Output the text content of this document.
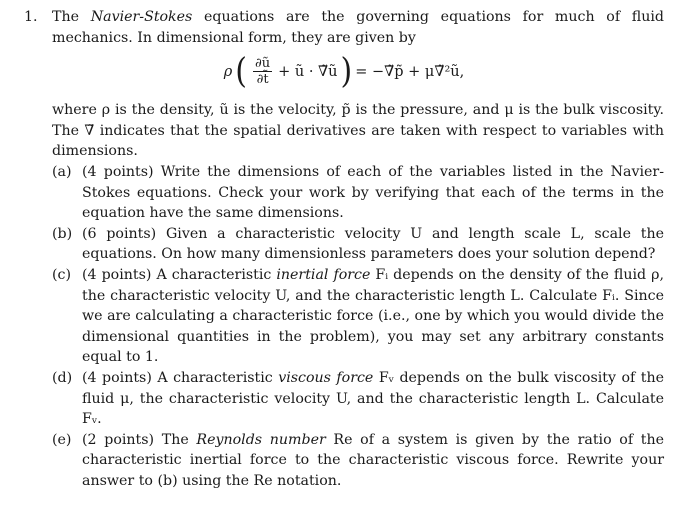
1. The Navier-Stokes equations are the governing equations for much of fluid mechanics. In dimensional form, they are given by
ρ ( $\frac{\partial ũ}{\partial t̃}$ + ũ · ∇̃ũ ) = −∇̃p̃ + μ∇̃²ũ,
where ρ is the density, ũ is the velocity, p̃ is the pressure, and μ is the bulk viscosity. The ∇̃ indicates that the spatial derivatives are taken with respect to variables with dimensions.
(a) (4 points) Write the dimensions of each of the variables listed in the Navier-Stokes equations. Check your work by verifying that each of the terms in the equation have the same dimensions.
(b) (6 points) Given a characteristic velocity U and length scale L, scale the equations. On how many dimensionless parameters does your solution depend?
(c) (4 points) A characteristic inertial force Fᵢ depends on the density of the fluid ρ, the characteristic velocity U, and the characteristic length L. Calculate Fᵢ. Since we are calculating a characteristic force (i.e., one by which you would divide the dimensional quantities in the problem), you may set any arbitrary constants equal to 1.
(d) (4 points) A characteristic viscous force Fᵥ depends on the bulk viscosity of the fluid μ, the characteristic velocity U, and the characteristic length L. Calculate Fᵥ.
(e) (2 points) The Reynolds number Re of a system is given by the ratio of the characteristic inertial force to the characteristic viscous force. Rewrite your answer to (b) using the Re notation.
